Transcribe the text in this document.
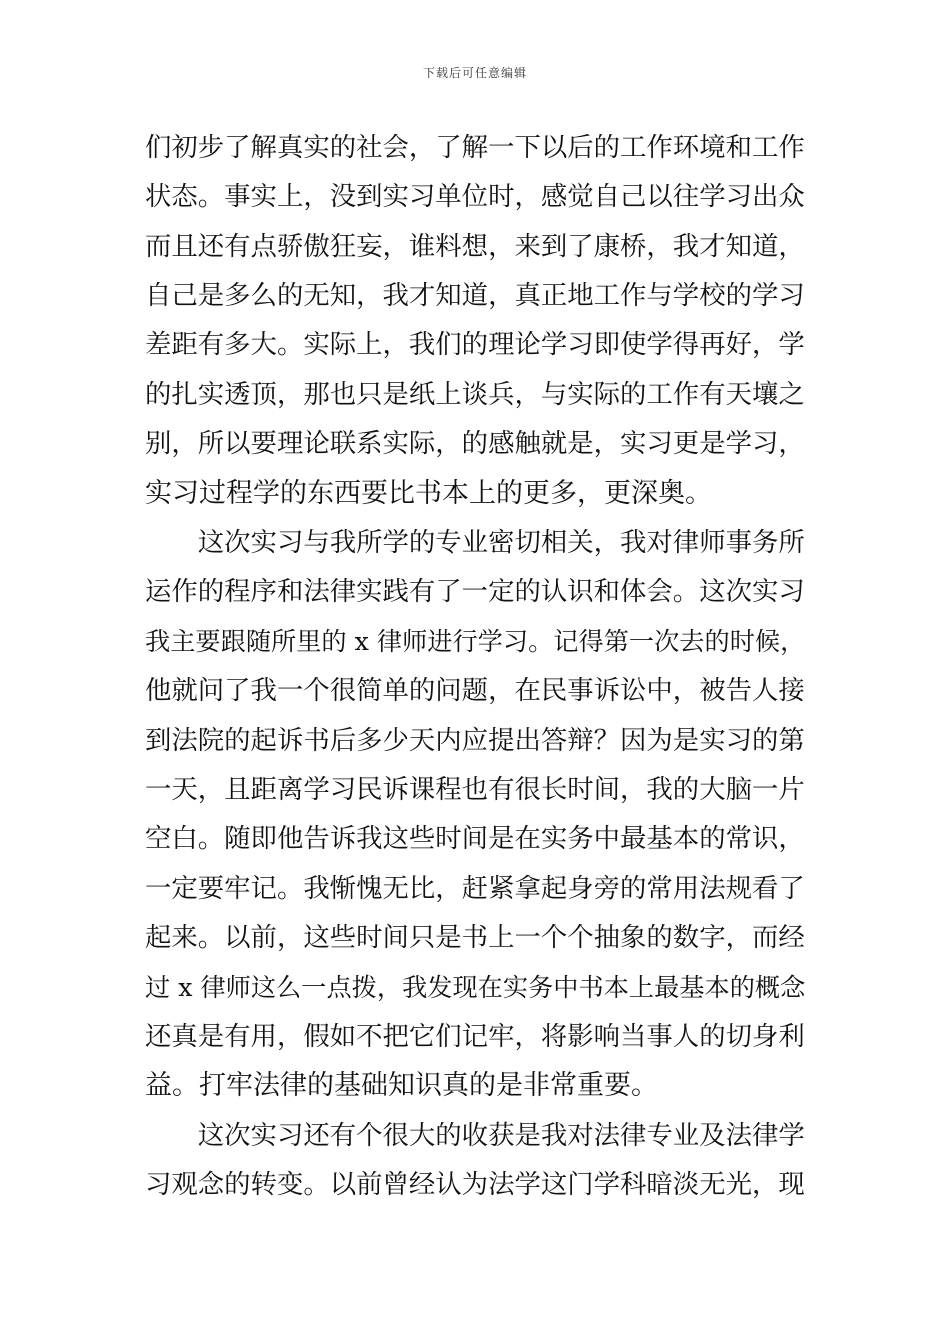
下载后可任意编辑
们初步了解真实的社会，了解一下以后的工作环境和工作
状态。事实上，没到实习单位时，感觉自己以往学习出众
而且还有点骄傲狂妄，谁料想，来到了康桥，我才知道，
自己是多么的无知，我才知道，真正地工作与学校的学习
差距有多大。实际上，我们的理论学习即使学得再好，学
的扎实透顶，那也只是纸上谈兵，与实际的工作有天壤之
别，所以要理论联系实际，的感触就是，实习更是学习，
实习过程学的东西要比书本上的更多，更深奥。
　　这次实习与我所学的专业密切相关，我对律师事务所
运作的程序和法律实践有了一定的认识和体会。这次实习
我主要跟随所里的 x 律师进行学习。记得第一次去的时候，
他就问了我一个很简单的问题，在民事诉讼中，被告人接
到法院的起诉书后多少天内应提出答辩？因为是实习的第
一天，且距离学习民诉课程也有很长时间，我的大脑一片
空白。随即他告诉我这些时间是在实务中最基本的常识，
一定要牢记。我惭愧无比，赶紧拿起身旁的常用法规看了
起来。以前，这些时间只是书上一个个抽象的数字，而经
过 x 律师这么一点拨，我发现在实务中书本上最基本的概念
还真是有用，假如不把它们记牢，将影响当事人的切身利
益。打牢法律的基础知识真的是非常重要。
　　这次实习还有个很大的收获是我对法律专业及法律学
习观念的转变。以前曾经认为法学这门学科暗淡无光，现
